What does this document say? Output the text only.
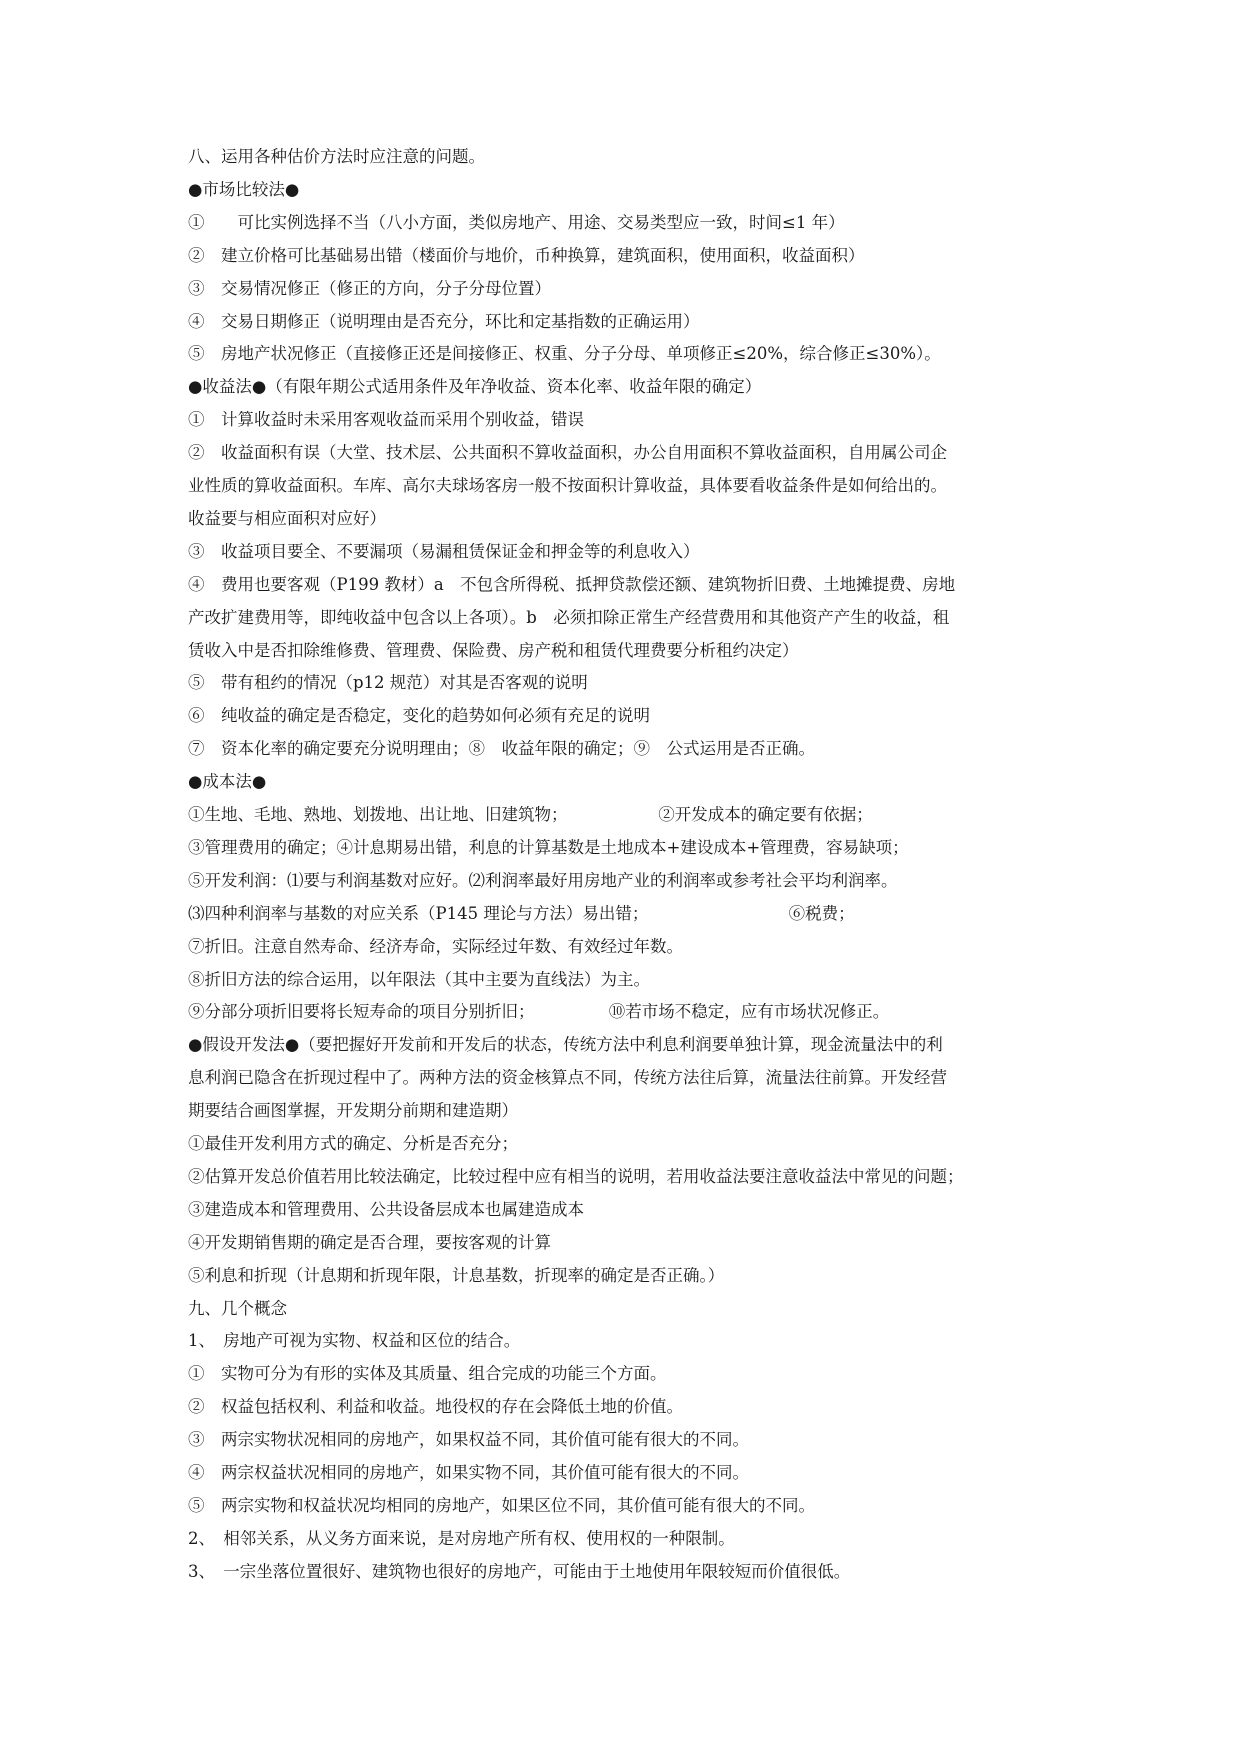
八、运用各种估价方法时应注意的问题。
●市场比较法●
①　　可比实例选择不当（八小方面，类似房地产、用途、交易类型应一致，时间≤1 年）
②　建立价格可比基础易出错（楼面价与地价，币种换算，建筑面积，使用面积，收益面积）
③　交易情况修正（修正的方向，分子分母位置）
④　交易日期修正（说明理由是否充分，环比和定基指数的正确运用）
⑤　房地产状况修正（直接修正还是间接修正、权重、分子分母、单项修正≤20%，综合修正≤30%）。
●收益法●（有限年期公式适用条件及年净收益、资本化率、收益年限的确定）
①　计算收益时未采用客观收益而采用个别收益，错误
②　收益面积有误（大堂、技术层、公共面积不算收益面积，办公自用面积不算收益面积，自用属公司企
业性质的算收益面积。车库、高尔夫球场客房一般不按面积计算收益，具体要看收益条件是如何给出的。
收益要与相应面积对应好）
③　收益项目要全、不要漏项（易漏租赁保证金和押金等的利息收入）
④　费用也要客观（P199 教材）a　不包含所得税、抵押贷款偿还额、建筑物折旧费、土地摊提费、房地
产改扩建费用等，即纯收益中包含以上各项）。b　必须扣除正常生产经营费用和其他资产产生的收益，租
赁收入中是否扣除维修费、管理费、保险费、房产税和租赁代理费要分析租约决定）
⑤　带有租约的情况（p12 规范）对其是否客观的说明
⑥　纯收益的确定是否稳定，变化的趋势如何必须有充足的说明
⑦　资本化率的确定要充分说明理由；⑧　收益年限的确定；⑨　公式运用是否正确。
●成本法●
①生地、毛地、熟地、划拨地、出让地、旧建筑物；　　　　　　②开发成本的确定要有依据；
③管理费用的确定；④计息期易出错，利息的计算基数是土地成本+建设成本+管理费，容易缺项；
⑤开发利润：⑴要与利润基数对应好。⑵利润率最好用房地产业的利润率或参考社会平均利润率。
⑶四种利润率与基数的对应关系（P145 理论与方法）易出错；　　　　　　　　　⑥税费；
⑦折旧。注意自然寿命、经济寿命，实际经过年数、有效经过年数。
⑧折旧方法的综合运用，以年限法（其中主要为直线法）为主。
⑨分部分项折旧要将长短寿命的项目分别折旧；　　　　　⑩若市场不稳定，应有市场状况修正。
●假设开发法●（要把握好开发前和开发后的状态，传统方法中利息利润要单独计算，现金流量法中的利
息利润已隐含在折现过程中了。两种方法的资金核算点不同，传统方法往后算，流量法往前算。开发经营
期要结合画图掌握，开发期分前期和建造期）
①最佳开发利用方式的确定、分析是否充分；
②估算开发总价值若用比较法确定，比较过程中应有相当的说明，若用收益法要注意收益法中常见的问题；
③建造成本和管理费用、公共设备层成本也属建造成本
④开发期销售期的确定是否合理，要按客观的计算
⑤利息和折现（计息期和折现年限，计息基数，折现率的确定是否正确。）
九、几个概念
1、　房地产可视为实物、权益和区位的结合。
①　实物可分为有形的实体及其质量、组合完成的功能三个方面。
②　权益包括权利、利益和收益。地役权的存在会降低土地的价值。
③　两宗实物状况相同的房地产，如果权益不同，其价值可能有很大的不同。
④　两宗权益状况相同的房地产，如果实物不同，其价值可能有很大的不同。
⑤　两宗实物和权益状况均相同的房地产，如果区位不同，其价值可能有很大的不同。
2、　相邻关系，从义务方面来说，是对房地产所有权、使用权的一种限制。
3、　一宗坐落位置很好、建筑物也很好的房地产，可能由于土地使用年限较短而价值很低。
